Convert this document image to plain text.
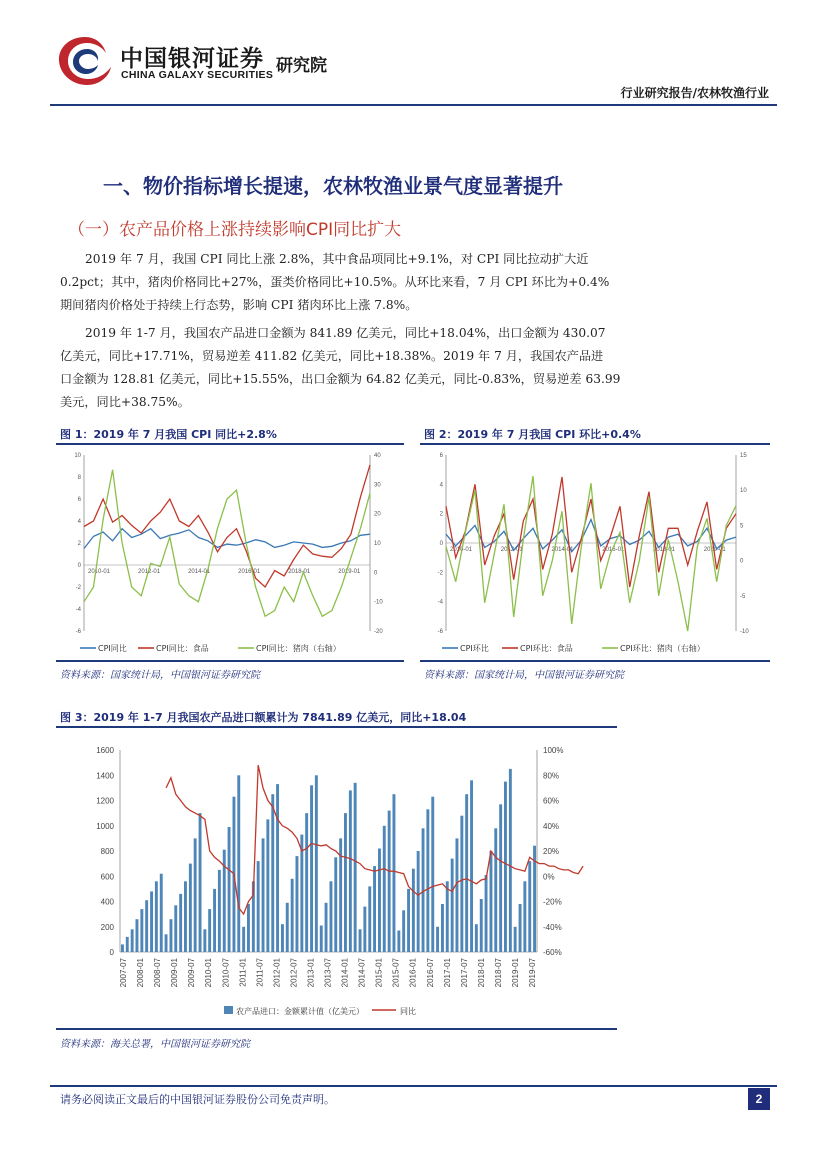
中国银河证券
CHINA GALAXY SECURITIES 研究院
行业研究报告/农林牧渔行业
一、物价指标增长提速，农林牧渔业景气度显著提升
（一）农产品价格上涨持续影响CPI同比扩大
2019 年 7 月，我国 CPI 同比上涨 2.8%，其中食品项同比+9.1%，对 CPI 同比拉动扩大近
0.2pct；其中，猪肉价格同比+27%，蛋类价格同比+10.5%。从环比来看，7 月 CPI 环比为+0.4%
期间猪肉价格处于持续上行态势，影响 CPI 猪肉环比上涨 7.8%。
2019 年 1-7 月，我国农产品进口金额为 841.89 亿美元，同比+18.04%，出口金额为 430.07
亿美元，同比+17.71%，贸易逆差 411.82 亿美元，同比+18.38%。2019 年 7 月，我国农产品进
口金额为 128.81 亿美元，同比+15.55%，出口金额为 64.82 亿美元，同比-0.83%，贸易逆差 63.99
美元，同比+38.75%。
图 1：2019 年 7 月我国 CPI 同比+2.8%
10
8
6
4
2
0
-2
-4
-6
40
30
20
10
0
-10
-20
2010-01	2012-01	2014-01	2016-01	2018-01	2019-01
CPI同比	CPI同比：食品	CPI同比：猪肉（右轴）
资料来源：国家统计局，中国银河证券研究院
图 2：2019 年 7 月我国 CPI 环比+0.4%
6
4
2
0
-2
-4
-6
15
10
5
0
-5
-10
2010-01	2012-01	2014-01	2016-01	2018-01	2019-01
CPI环比	CPI环比：食品	CPI环比：猪肉（右轴）
资料来源：国家统计局，中国银河证券研究院
图 3：2019 年 1-7 月我国农产品进口额累计为 7841.89 亿美元，同比+18.04
1600
1400
1200
1000
800
600
400
200
0
100%
80%
60%
40%
20%
0%
-20%
-40%
-60%
2007-07 2008-01 2008-07 2009-01 2009-07 2010-01 2010-07 2011-01 2011-07 2012-01 2012-07 2013-01 2013-07 2014-01 2014-07 2015-01 2015-07 2016-01 2016-07 2017-01 2017-07 2018-01 2018-07 2019-01 2019-07
农产品进口：金额累计值（亿美元）	同比
资料来源：海关总署，中国银河证券研究院
请务必阅读正文最后的中国银河证券股份公司免责声明。	2
